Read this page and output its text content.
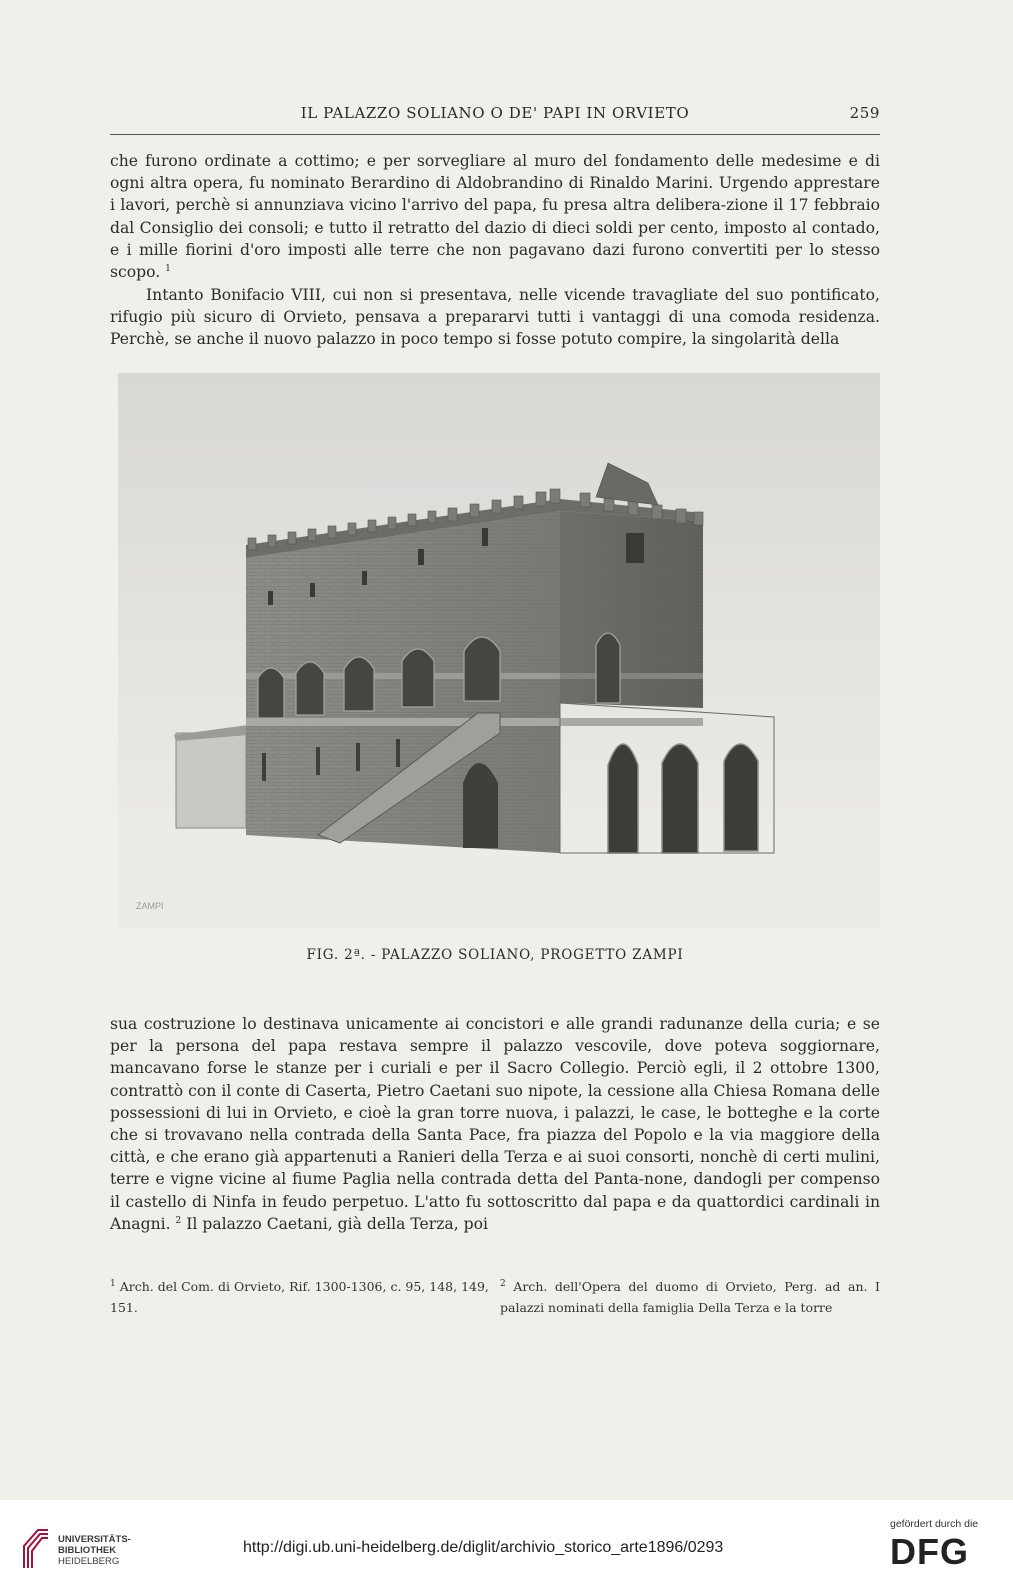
IL PALAZZO SOLIANO O DE' PAPI IN ORVIETO	259

che furono ordinate a cottimo; e per sorvegliare al muro del fondamento delle medesime e di ogni altra opera, fu nominato Berardino di Aldobrandino di Rinaldo Marini. Urgendo apprestare i lavori, perchè si annunziava vicino l'arrivo del papa, fu presa altra delibera-zione il 17 febbraio dal Consiglio dei consoli; e tutto il retratto del dazio di dieci soldi per cento, imposto al contado, e i mille fiorini d'oro imposti alle terre che non pagavano dazi furono convertiti per lo stesso scopo. $^1$

Intanto Bonifacio VIII, cui non si presentava, nelle vicende travagliate del suo pontificato, rifugio più sicuro di Orvieto, pensava a prepararvi tutti i vantaggi di una comoda residenza. Perchè, se anche il nuovo palazzo in poco tempo si fosse potuto compire, la singolarità della

ZAMPI
FIG. 2ª. - PALAZZO SOLIANO, PROGETTO ZAMPI

sua costruzione lo destinava unicamente ai concistori e alle grandi radunanze della curia; e se per la persona del papa restava sempre il palazzo vescovile, dove poteva soggiornare, mancavano forse le stanze per i curiali e per il Sacro Collegio. Perciò egli, il 2 ottobre 1300, contrattò con il conte di Caserta, Pietro Caetani suo nipote, la cessione alla Chiesa Romana delle possessioni di lui in Orvieto, e cioè la gran torre nuova, i palazzi, le case, le botteghe e la corte che si trovavano nella contrada della Santa Pace, fra piazza del Popolo e la via maggiore della città, e che erano già appartenuti a Ranieri della Terza e ai suoi consorti, nonchè di certi mulini, terre e vigne vicine al fiume Paglia nella contrada detta del Panta-none, dandogli per compenso il castello di Ninfa in feudo perpetuo. L'atto fu sottoscritto dal papa e da quattordici cardinali in Anagni. $^2$ Il palazzo Caetani, già della Terza, poi

$^1$ Arch. del Com. di Orvieto, Rif. 1300-1306, c. 95, 148, 149, 151.
$^2$ Arch. dell'Opera del duomo di Orvieto, Perg. ad an. I palazzi nominati della famiglia Della Terza e la torre
UNIVERSITÄTS-
BIBLIOTHEK
HEIDELBERG
http://digi.ub.uni-heidelberg.de/diglit/archivio_storico_arte1896/0293
gefördert durch die
DFG
